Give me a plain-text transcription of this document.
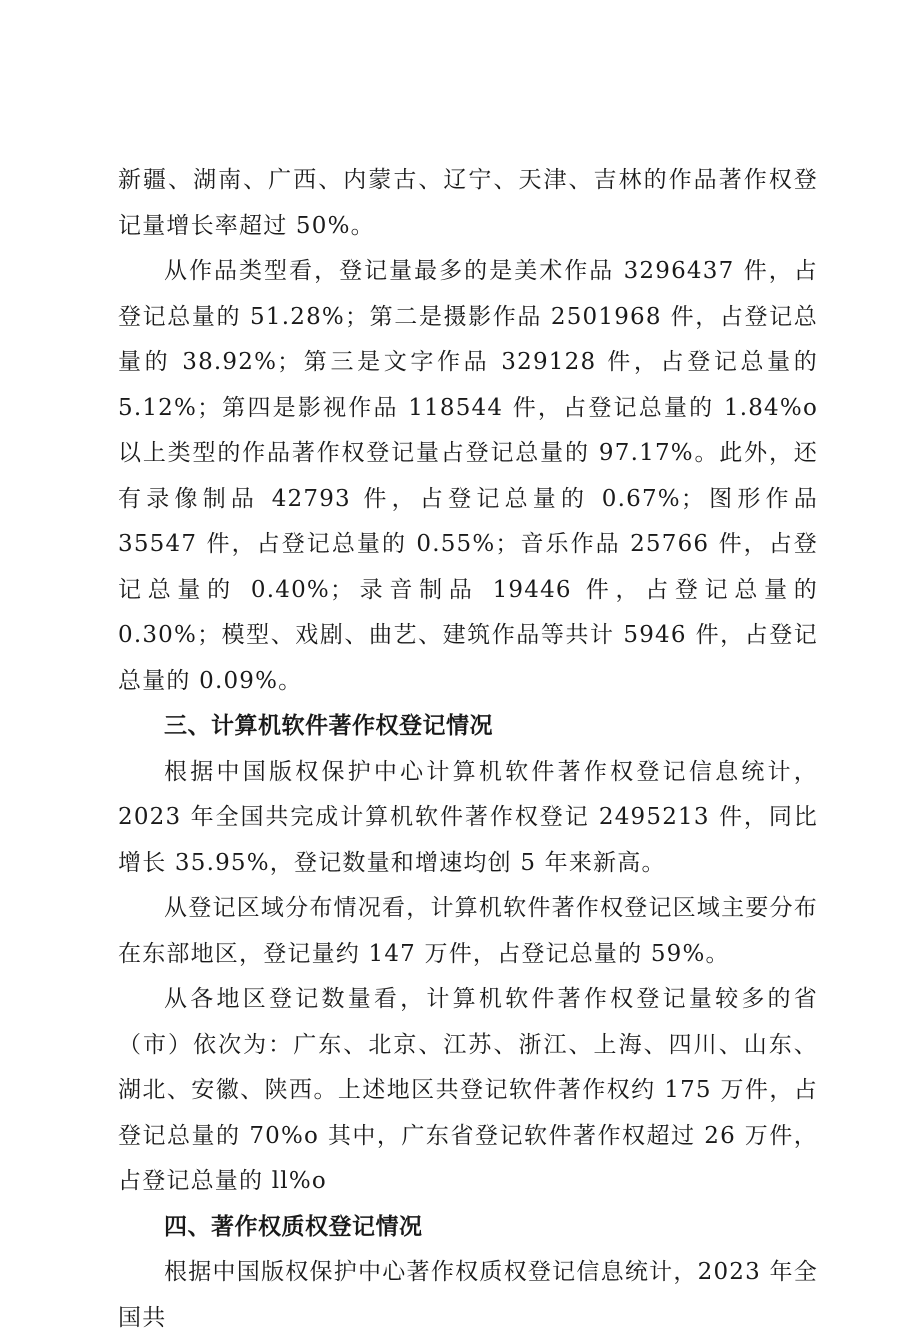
新疆、湖南、广西、内蒙古、辽宁、天津、吉林的作品著作权登记量增长率超过 50%。

从作品类型看，登记量最多的是美术作品 3296437 件，占登记总量的 51.28%；第二是摄影作品 2501968 件，占登记总量的 38.92%；第三是文字作品 329128 件，占登记总量的 5.12%；第四是影视作品 118544 件，占登记总量的 1.84%o 以上类型的作品著作权登记量占登记总量的 97.17%。此外，还有录像制品 42793 件，占登记总量的 0.67%；图形作品 35547 件，占登记总量的 0.55%；音乐作品 25766 件，占登记总量的 0.40%；录音制品 19446 件，占登记总量的 0.30%；模型、戏剧、曲艺、建筑作品等共计 5946 件，占登记总量的 0.09%。

三、计算机软件著作权登记情况

根据中国版权保护中心计算机软件著作权登记信息统计，2023 年全国共完成计算机软件著作权登记 2495213 件，同比增长 35.95%，登记数量和增速均创 5 年来新高。

从登记区域分布情况看，计算机软件著作权登记区域主要分布在东部地区，登记量约 147 万件，占登记总量的 59%。

从各地区登记数量看，计算机软件著作权登记量较多的省（市）依次为：广东、北京、江苏、浙江、上海、四川、山东、湖北、安徽、陕西。上述地区共登记软件著作权约 175 万件，占登记总量的 70%o 其中，广东省登记软件著作权超过 26 万件，占登记总量的 ll%o

四、著作权质权登记情况

根据中国版权保护中心著作权质权登记信息统计，2023 年全国共
